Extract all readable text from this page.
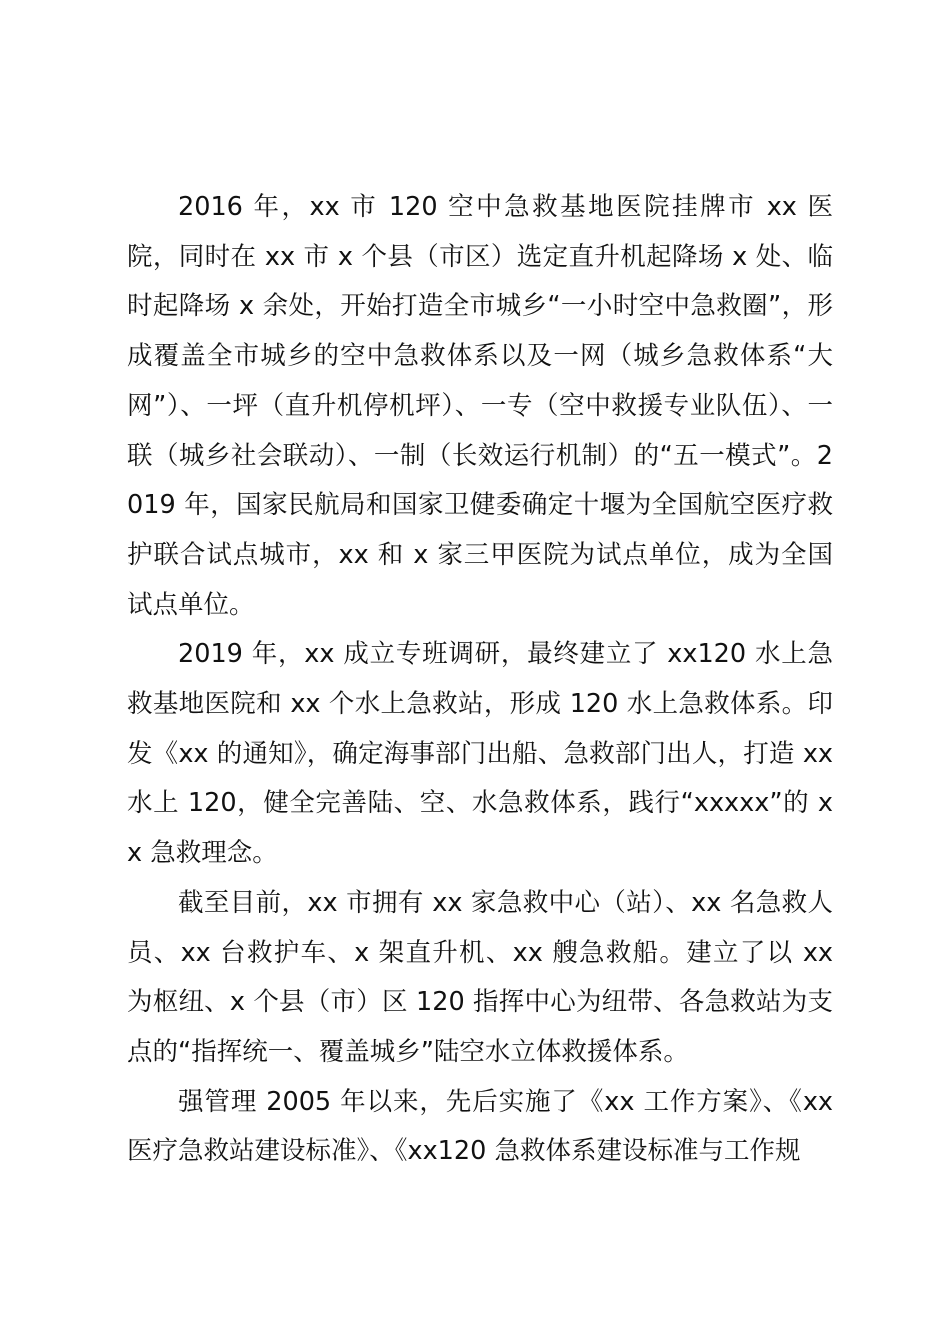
2016 年，xx 市 120 空中急救基地医院挂牌市 xx 医院，同时在 xx 市 x 个县（市区）选定直升机起降场 x 处、临时起降场 x 余处，开始打造全市城乡“一小时空中急救圈”，形成覆盖全市城乡的空中急救体系以及一网（城乡急救体系“大网”）、一坪（直升机停机坪）、一专（空中救援专业队伍）、一联（城乡社会联动）、一制（长效运行机制）的“五一模式”。2019 年，国家民航局和国家卫健委确定十堰为全国航空医疗救护联合试点城市，xx 和 x 家三甲医院为试点单位，成为全国试点单位。

2019 年，xx 成立专班调研，最终建立了 xx120 水上急救基地医院和 xx 个水上急救站，形成 120 水上急救体系。印发《xx 的通知》，确定海事部门出船、急救部门出人，打造 xx 水上 120，健全完善陆、空、水急救体系，践行“xxxxx”的 xx 急救理念。

截至目前，xx 市拥有 xx 家急救中心（站）、xx 名急救人员、xx 台救护车、x 架直升机、xx 艘急救船。建立了以 xx 为枢纽、x 个县（市）区 120 指挥中心为纽带、各急救站为支点的“指挥统一、覆盖城乡”陆空水立体救援体系。

强管理 2005 年以来，先后实施了《xx 工作方案》、《xx 医疗急救站建设标准》、《xx120 急救体系建设标准与工作规
